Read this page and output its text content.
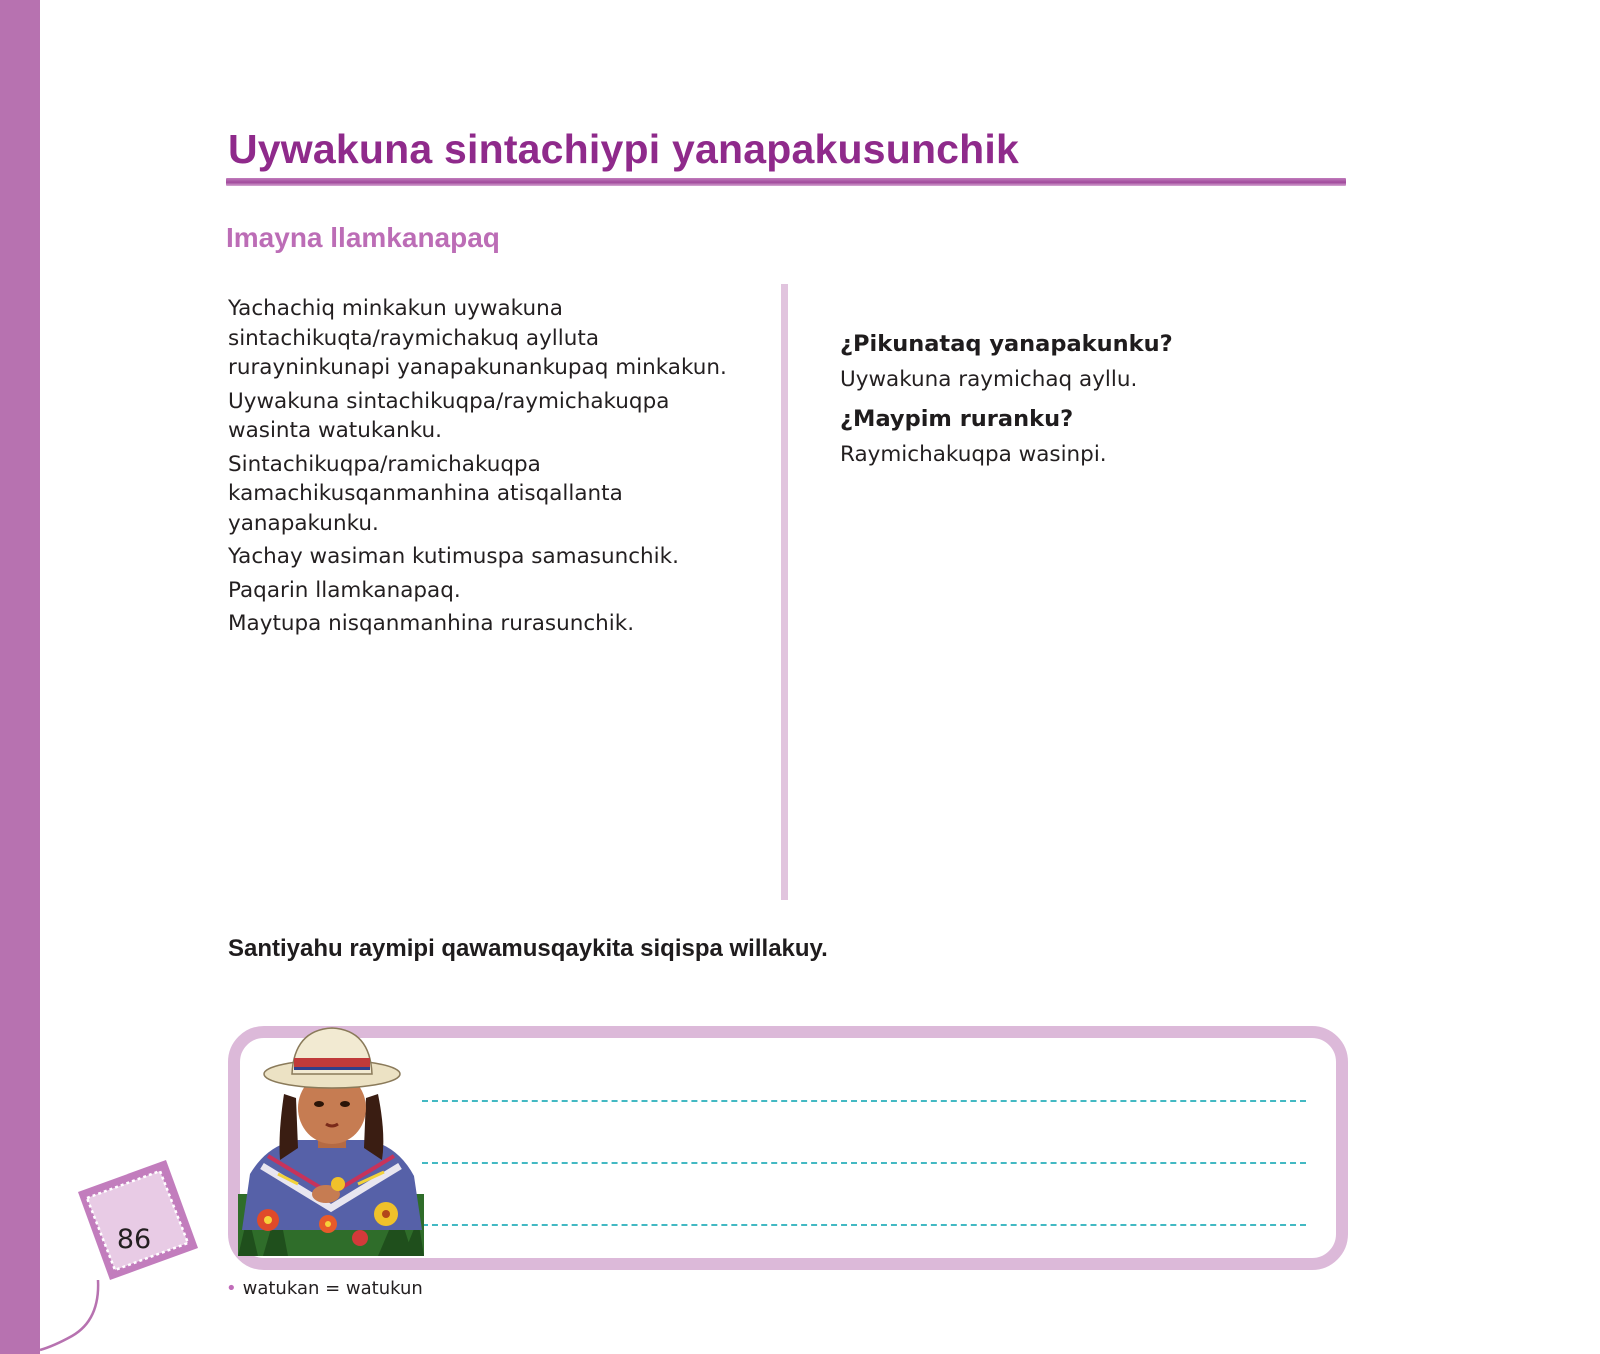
Uywakuna sintachiypi yanapakusunchik
Imayna llamkanapaq

Yachachiq minkakun uywakuna sintachikuqta/raymichakuq aylluta rurayninkunapi yanapakunankupaq minkakun.

Uywakuna sintachikuqpa/raymichakuqpa wasinta watukanku.

Sintachikuqpa/ramichakuqpa kamachikusqanmanhina atisqallanta yanapakunku.

Yachay wasiman kutimuspa samasunchik.

Paqarin llamkanapaq.

Maytupa nisqanmanhina rurasunchik.

¿Pikunataq yanapakunku?

Uywakuna raymichaq ayllu.

¿Maypim ruranku?

Raymichakuqpa wasinpi.

Santiyahu raymipi qawamusqaykita siqispa willakuy.

• watukan = watukun

86
